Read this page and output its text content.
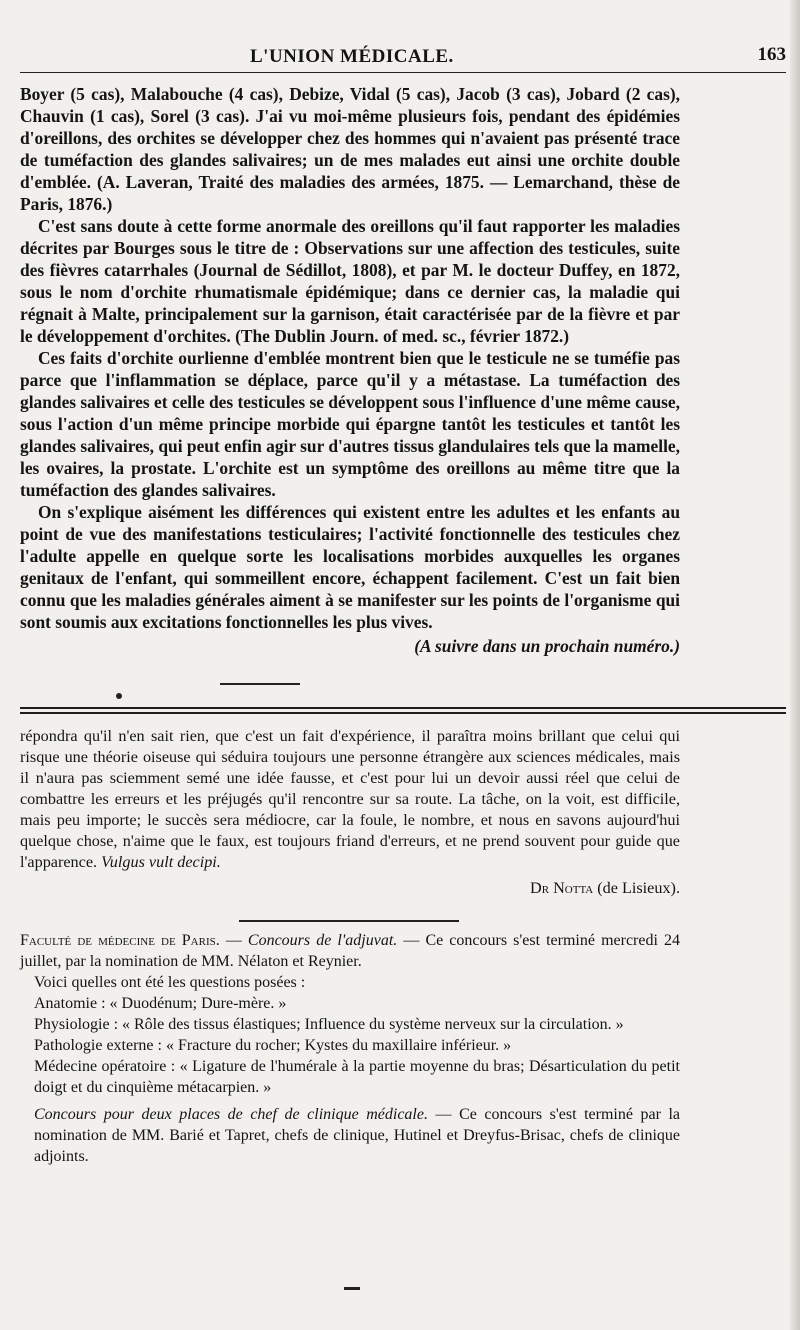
L'UNION MÉDICALE.	163

Boyer (5 cas), Malabouche (4 cas), Debize, Vidal (5 cas), Jacob (3 cas), Jobard (2 cas), Chauvin (1 cas), Sorel (3 cas). J'ai vu moi-même plusieurs fois, pendant des épidémies d'oreillons, des orchites se développer chez des hommes qui n'avaient pas présenté trace de tuméfaction des glandes salivaires; un de mes malades eut ainsi une orchite double d'emblée. (A. Laveran, Traité des maladies des armées, 1875. — Lemarchand, thèse de Paris, 1876.)

C'est sans doute à cette forme anormale des oreillons qu'il faut rapporter les maladies décrites par Bourges sous le titre de : Observations sur une affection des testicules, suite des fièvres catarrhales (Journal de Sédillot, 1808), et par M. le docteur Duffey, en 1872, sous le nom d'orchite rhumatismale épidémique; dans ce dernier cas, la maladie qui régnait à Malte, principalement sur la garnison, était caractérisée par de la fièvre et par le développement d'orchites. (The Dublin Journ. of med. sc., février 1872.)

Ces faits d'orchite ourlienne d'emblée montrent bien que le testicule ne se tuméfie pas parce que l'inflammation se déplace, parce qu'il y a métastase. La tuméfaction des glandes salivaires et celle des testicules se développent sous l'influence d'une même cause, sous l'action d'un même principe morbide qui épargne tantôt les testicules et tantôt les glandes salivaires, qui peut enfin agir sur d'autres tissus glandulaires tels que la mamelle, les ovaires, la prostate. L'orchite est un symptôme des oreillons au même titre que la tuméfaction des glandes salivaires.

On s'explique aisément les différences qui existent entre les adultes et les enfants au point de vue des manifestations testiculaires; l'activité fonctionnelle des testicules chez l'adulte appelle en quelque sorte les localisations morbides auxquelles les organes genitaux de l'enfant, qui sommeillent encore, échappent facilement. C'est un fait bien connu que les maladies générales aiment à se manifester sur les points de l'organisme qui sont soumis aux excitations fonctionnelles les plus vives.

(A suivre dans un prochain numéro.)

répondra qu'il n'en sait rien, que c'est un fait d'expérience, il paraîtra moins brillant que celui qui risque une théorie oiseuse qui séduira toujours une personne étrangère aux sciences médicales, mais il n'aura pas sciemment semé une idée fausse, et c'est pour lui un devoir aussi réel que celui de combattre les erreurs et les préjugés qu'il rencontre sur sa route. La tâche, on la voit, est difficile, mais peu importe; le succès sera médiocre, car la foule, le nombre, et nous en savons aujourd'hui quelque chose, n'aime que le faux, est toujours friand d'erreurs, et ne prend souvent pour guide que l'apparence. Vulgus vult decipi.

Dr Notta (de Lisieux).

Faculté de médecine de Paris. — Concours de l'adjuvat. — Ce concours s'est terminé mercredi 24 juillet, par la nomination de MM. Nélaton et Reynier.

Voici quelles ont été les questions posées :

Anatomie : « Duodénum; Dure-mère. »

Physiologie : « Rôle des tissus élastiques; Influence du système nerveux sur la circulation. »

Pathologie externe : « Fracture du rocher; Kystes du maxillaire inférieur. »

Médecine opératoire : « Ligature de l'humérale à la partie moyenne du bras; Désarticulation du petit doigt et du cinquième métacarpien. »

Concours pour deux places de chef de clinique médicale. — Ce concours s'est terminé par la nomination de MM. Barié et Tapret, chefs de clinique, Hutinel et Dreyfus-Brisac, chefs de clinique adjoints.
